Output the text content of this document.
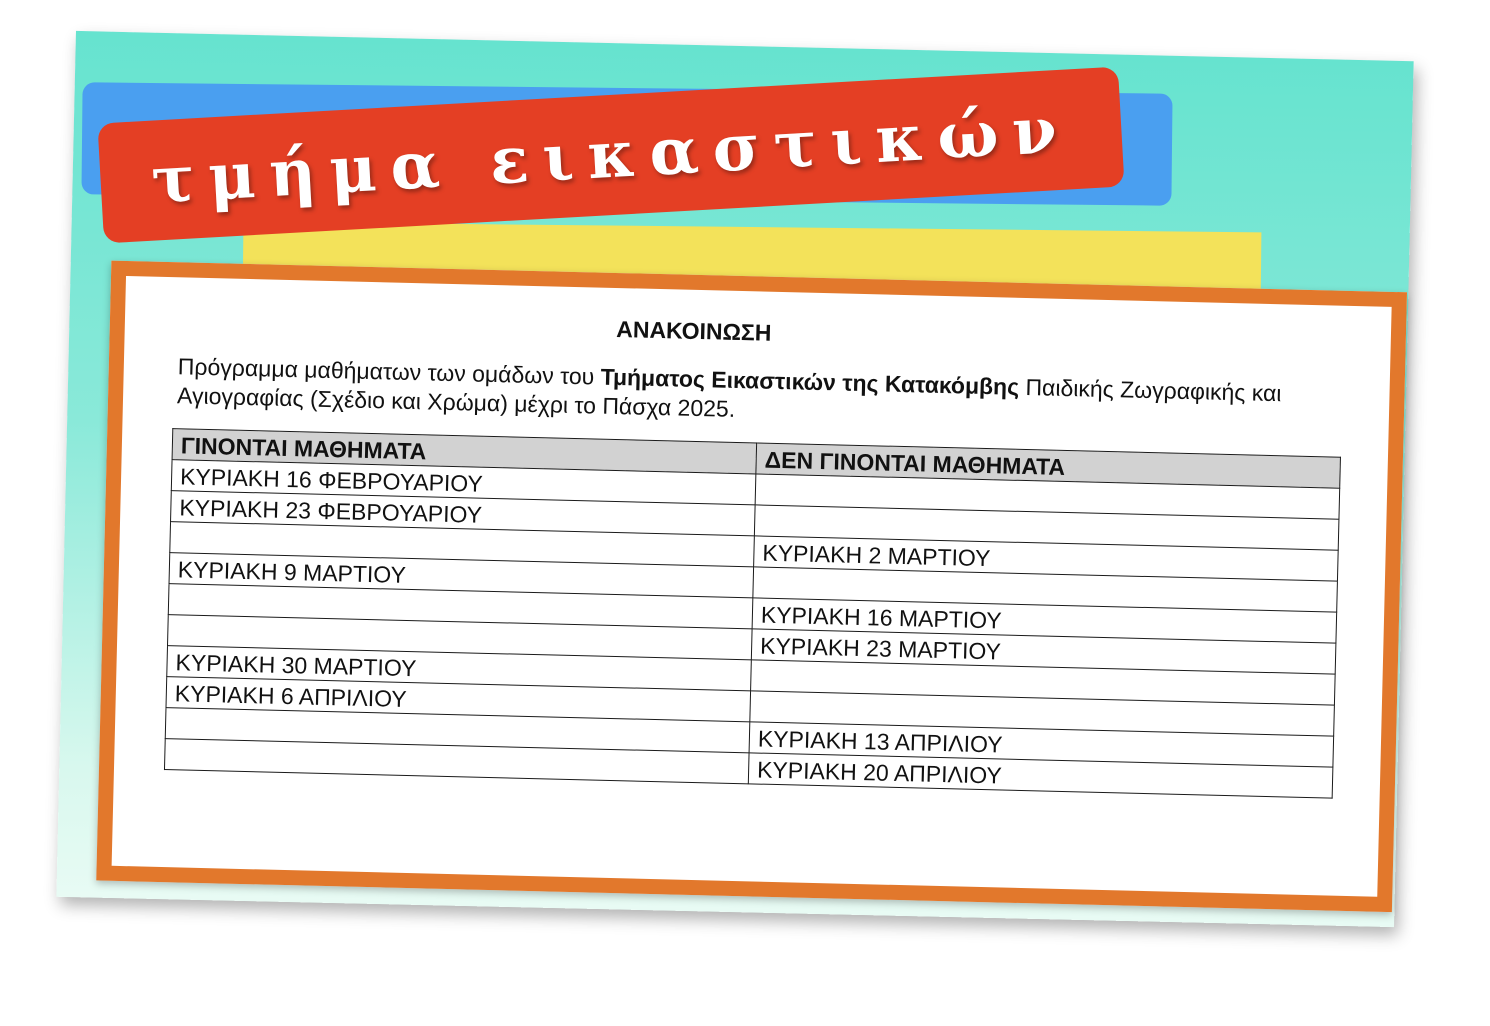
τμήμα εικαστικών
ΑΝΑΚΟΙΝΩΣΗ

Πρόγραμμα μαθήματων των ομάδων του Τμήματος Εικαστικών της Κατακόμβης Παιδικής Ζωγραφικής και Αγιογραφίας (Σχέδιο και Χρώμα) μέχρι το Πάσχα 2025.

ΓΙΝΟΝΤΑΙ ΜΑΘΗΜΑΤΑ	ΔΕΝ ΓΙΝΟΝΤΑΙ ΜΑΘΗΜΑΤΑ
ΚΥΡΙΑΚΗ 16 ΦΕΒΡΟΥΑΡΙΟΥ	
ΚΥΡΙΑΚΗ 23 ΦΕΒΡΟΥΑΡΙΟΥ	
	ΚΥΡΙΑΚΗ 2 ΜΑΡΤΙΟΥ
ΚΥΡΙΑΚΗ 9 ΜΑΡΤΙΟΥ	
	ΚΥΡΙΑΚΗ 16 ΜΑΡΤΙΟΥ
	ΚΥΡΙΑΚΗ 23 ΜΑΡΤΙΟΥ
ΚΥΡΙΑΚΗ 30 ΜΑΡΤΙΟΥ	
ΚΥΡΙΑΚΗ 6 ΑΠΡΙΛΙΟΥ	
	ΚΥΡΙΑΚΗ 13 ΑΠΡΙΛΙΟΥ
	ΚΥΡΙΑΚΗ 20 ΑΠΡΙΛΙΟΥ
